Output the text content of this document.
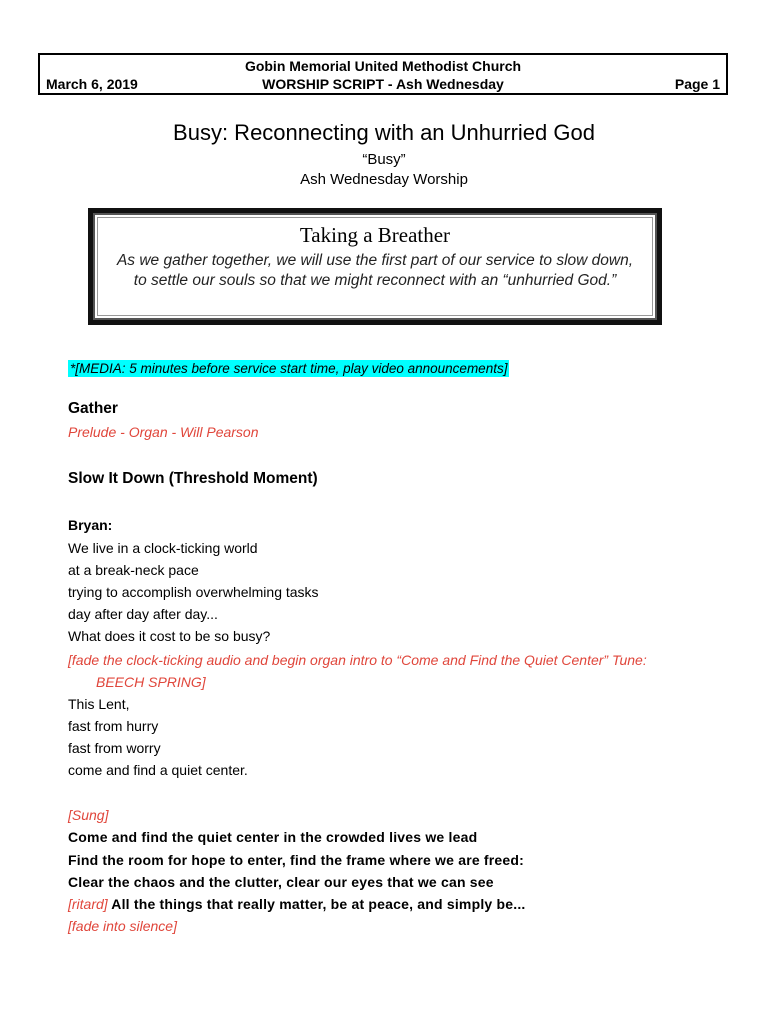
Gobin Memorial United Methodist Church
March 6, 2019	WORSHIP SCRIPT - Ash Wednesday	Page 1
Busy: Reconnecting with an Unhurried God
“Busy”
Ash Wednesday Worship
Taking a Breather
As we gather together, we will use the first part of our service to slow down,
to settle our souls so that we might reconnect with an “unhurried God.”
*[MEDIA: 5 minutes before service start time, play video announcements]
Gather
Prelude - Organ - Will Pearson
Slow It Down (Threshold Moment)
Bryan:
We live in a clock-ticking world
at a break-neck pace
trying to accomplish overwhelming tasks
day after day after day...
What does it cost to be so busy?
[fade the clock-ticking audio and begin organ intro to “Come and Find the Quiet Center” Tune:
BEECH SPRING]
This Lent,
fast from hurry
fast from worry
come and find a quiet center.
[Sung]
Come and find the quiet center in the crowded lives we lead
Find the room for hope to enter, find the frame where we are freed:
Clear the chaos and the clutter, clear our eyes that we can see
[ritard] All the things that really matter, be at peace, and simply be...
[fade into silence]
